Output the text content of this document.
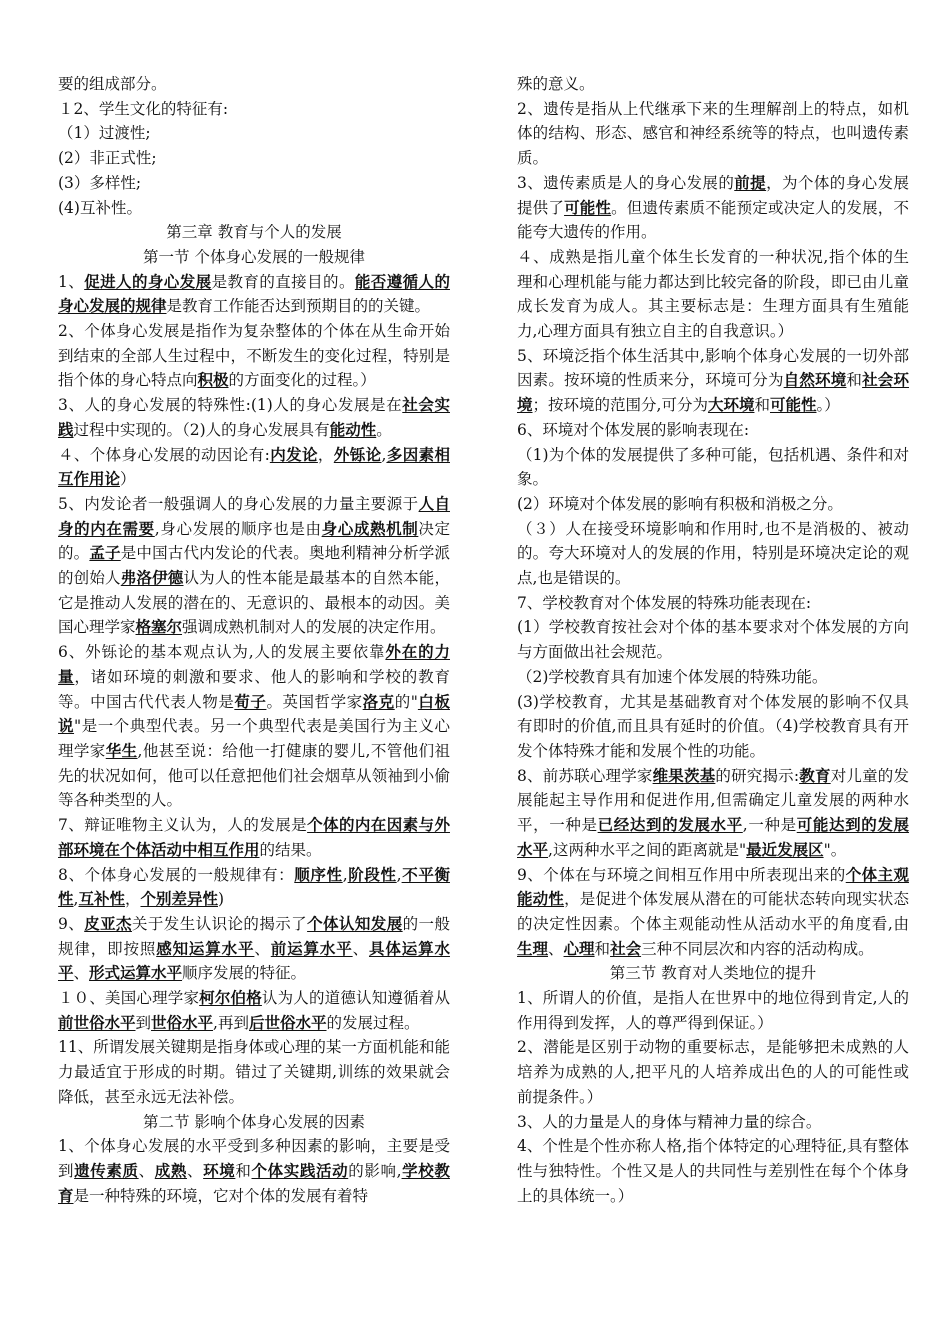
要的组成部分。
１2、学生文化的特征有:
（1）过渡性;
(2）非正式性;
(3）多样性;
(4)互补性。
第三章 教育与个人的发展
第一节 个体身心发展的一般规律
1、促进人的身心发展是教育的直接目的。能否遵循人的身心发展的规律是教育工作能否达到预期目的的关键。
2、个体身心发展是指作为复杂整体的个体在从生命开始到结束的全部人生过程中，不断发生的变化过程，特别是指个体的身心特点向积极的方面变化的过程。）
3、人的身心发展的特殊性:(1)人的身心发展是在社会实践过程中实现的。（2)人的身心发展具有能动性。
４、个体身心发展的动因论有:内发论，外铄论,多因素相互作用论）
5、内发论者一般强调人的身心发展的力量主要源于人自身的内在需要,身心发展的顺序也是由身心成熟机制决定的。孟子是中国古代内发论的代表。奥地利精神分析学派的创始人弗洛伊德认为人的性本能是最基本的自然本能，它是推动人发展的潜在的、无意识的、最根本的动因。美国心理学家格塞尔强调成熟机制对人的发展的决定作用。
6、外铄论的基本观点认为,人的发展主要依靠外在的力量，诸如环境的刺激和要求、他人的影响和学校的教育等。中国古代代表人物是荀子。英国哲学家洛克的"白板说"是一个典型代表。另一个典型代表是美国行为主义心理学家华生,他甚至说：给他一打健康的婴儿,不管他们祖先的状况如何，他可以任意把他们社会烟草从领袖到小偷等各种类型的人。
7、辩证唯物主义认为，人的发展是个体的内在因素与外部环境在个体活动中相互作用的结果。
8、个体身心发展的一般规律有：顺序性,阶段性,不平衡性,互补性，个别差异性)
9、皮亚杰关于发生认识论的揭示了个体认知发展的一般规律，即按照感知运算水平、前运算水平、具体运算水平、形式运算水平顺序发展的特征。
１０、美国心理学家柯尔伯格认为人的道德认知遵循着从前世俗水平到世俗水平,再到后世俗水平的发展过程。
11、所谓发展关键期是指身体或心理的某一方面机能和能力最适宜于形成的时期。错过了关键期,训练的效果就会降低，甚至永远无法补偿。
第二节 影响个体身心发展的因素
1、个体身心发展的水平受到多种因素的影响，主要是受到遗传素质、成熟、环境和个体实践活动的影响,学校教育是一种特殊的环境，它对个体的发展有着特
殊的意义。
2、遗传是指从上代继承下来的生理解剖上的特点，如机体的结构、形态、感官和神经系统等的特点，也叫遗传素质。
3、遗传素质是人的身心发展的前提，为个体的身心发展提供了可能性。但遗传素质不能预定或决定人的发展，不能夸大遗传的作用。
４、成熟是指儿童个体生长发育的一种状况,指个体的生理和心理机能与能力都达到比较完备的阶段，即已由儿童成长发育为成人。其主要标志是：生理方面具有生殖能力,心理方面具有独立自主的自我意识。）
5、环境泛指个体生活其中,影响个体身心发展的一切外部因素。按环境的性质来分，环境可分为自然环境和社会环境；按环境的范围分,可分为大环境和可能性。）
6、环境对个体发展的影响表现在:
（1)为个体的发展提供了多种可能，包括机遇、条件和对象。
(2）环境对个体发展的影响有积极和消极之分。
（３）人在接受环境影响和作用时,也不是消极的、被动的。夸大环境对人的发展的作用，特别是环境决定论的观点,也是错误的。
7、学校教育对个体发展的特殊功能表现在:
(1）学校教育按社会对个体的基本要求对个体发展的方向与方面做出社会规范。
（2)学校教育具有加速个体发展的特殊功能。
(3)学校教育，尤其是基础教育对个体发展的影响不仅具有即时的价值,而且具有延时的价值。（4)学校教育具有开发个体特殊才能和发展个性的功能。
8、前苏联心理学家维果茨基的研究揭示:教育对儿童的发展能起主导作用和促进作用,但需确定儿童发展的两种水平，一种是已经达到的发展水平,一种是可能达到的发展水平,这两种水平之间的距离就是"最近发展区"。
9、个体在与环境之间相互作用中所表现出来的个体主观能动性，是促进个体发展从潜在的可能状态转向现实状态的决定性因素。个体主观能动性从活动水平的角度看,由生理、心理和社会三种不同层次和内容的活动构成。
第三节 教育对人类地位的提升
1、所谓人的价值，是指人在世界中的地位得到肯定,人的作用得到发挥，人的尊严得到保证。）
2、潜能是区别于动物的重要标志，是能够把未成熟的人培养为成熟的人,把平凡的人培养成出色的人的可能性或前提条件。）
3、人的力量是人的身体与精神力量的综合。
4、个性是个性亦称人格,指个体特定的心理特征,具有整体性与独特性。个性又是人的共同性与差别性在每个个体身上的具体统一。）
